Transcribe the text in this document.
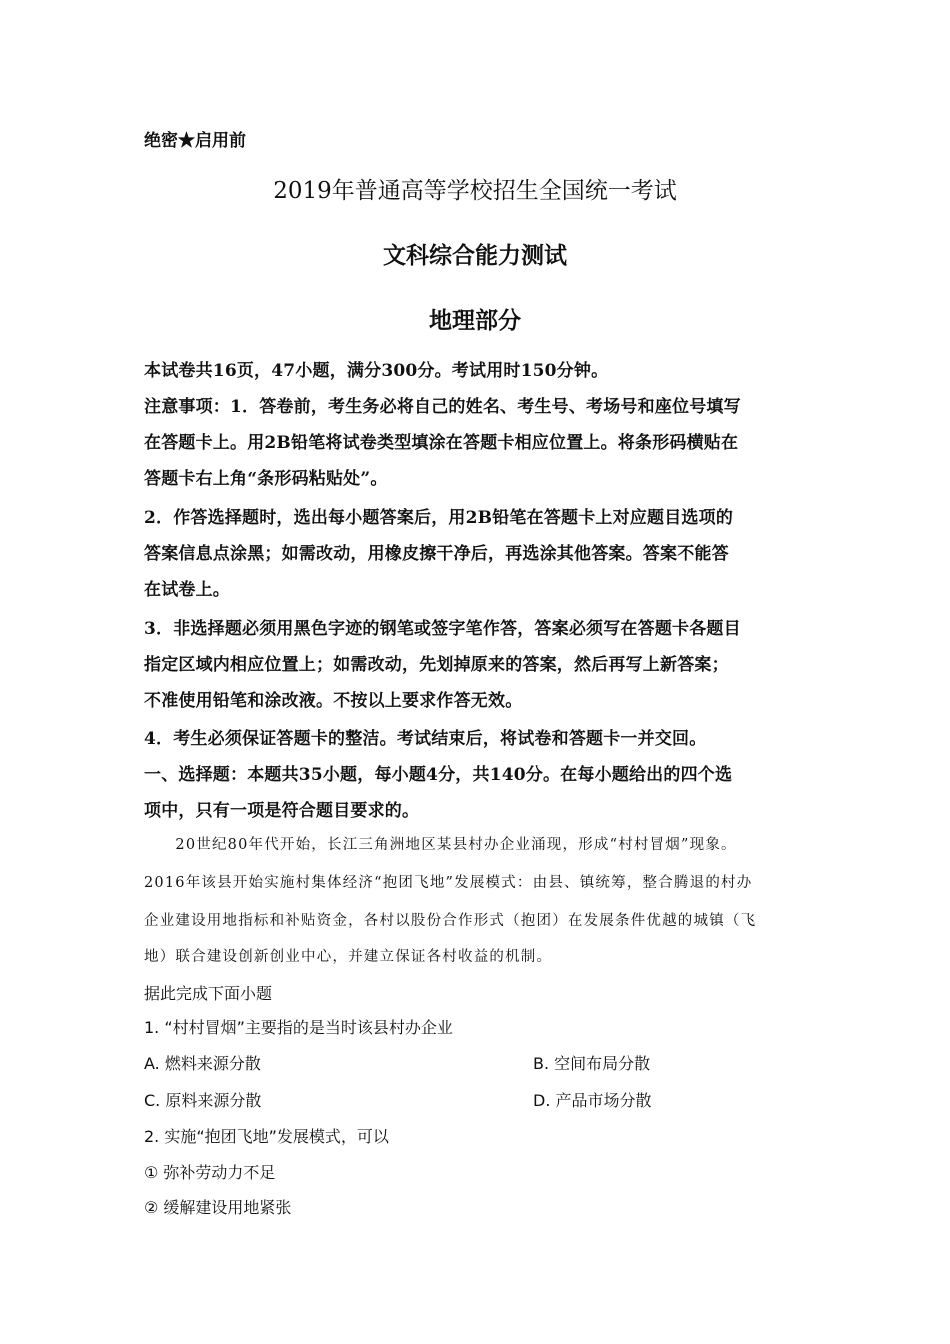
绝密★启用前
2019年普通高等学校招生全国统一考试
文科综合能力测试
地理部分
本试卷共16页，47小题，满分300分。考试用时150分钟。
注意事项：1．答卷前，考生务必将自己的姓名、考生号、考场号和座位号填写
在答题卡上。用2B铅笔将试卷类型填涂在答题卡相应位置上。将条形码横贴在
答题卡右上角“条形码粘贴处”。
2．作答选择题时，选出每小题答案后，用2B铅笔在答题卡上对应题目选项的
答案信息点涂黑；如需改动，用橡皮擦干净后，再选涂其他答案。答案不能答
在试卷上。
3．非选择题必须用黑色字迹的钢笔或签字笔作答，答案必须写在答题卡各题目
指定区域内相应位置上；如需改动，先划掉原来的答案，然后再写上新答案；
不准使用铅笔和涂改液。不按以上要求作答无效。
4．考生必须保证答题卡的整洁。考试结束后，将试卷和答题卡一并交回。
一、选择题：本题共35小题，每小题4分，共140分。在每小题给出的四个选
项中，只有一项是符合题目要求的。
　　20世纪80年代开始，长江三角洲地区某县村办企业涌现，形成“村村冒烟”现象。
2016年该县开始实施村集体经济“抱团飞地”发展模式：由县、镇统筹，整合腾退的村办
企业建设用地指标和补贴资金，各村以股份合作形式（抱团）在发展条件优越的城镇（飞
地）联合建设创新创业中心，并建立保证各村收益的机制。
据此完成下面小题
1. “村村冒烟”主要指的是当时该县村办企业
A. 燃料来源分散	B. 空间布局分散
C. 原料来源分散	D. 产品市场分散
2. 实施“抱团飞地”发展模式，可以
① 弥补劳动力不足
② 缓解建设用地紧张
